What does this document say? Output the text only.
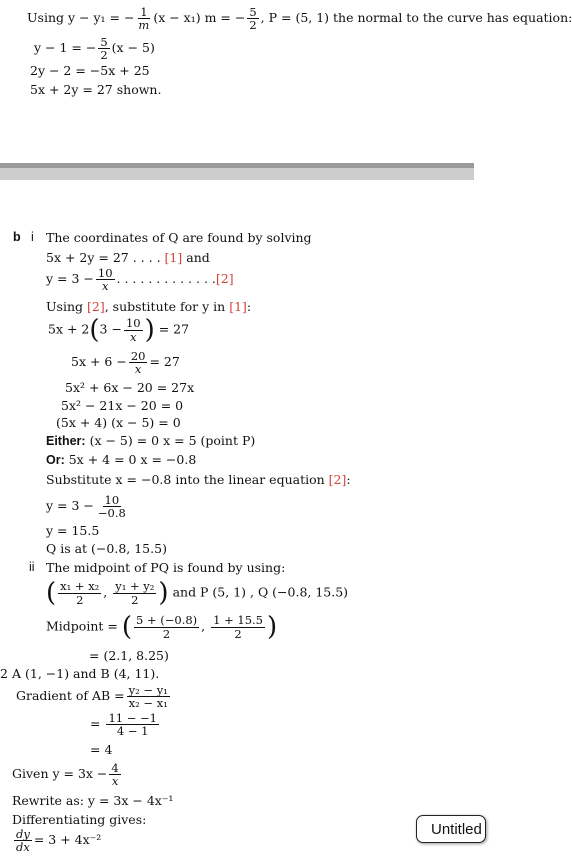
Using y − y₁ = − $\frac{1}{m} (x - x_1) m$ = − $\frac{5}{2}$ , P = (5, 1) the normal to the curve has equation:
y − 1 = − $\frac{5}{2} (x - 5)$
2y − 2 = −5x + 25
5x + 2y = 27 shown.
b i The coordinates of Q are found by solving
5x + 2y = 27 . . . . [1] and
$y = 3 - \frac{10}{x}$ . . . . . . . . . . . . .[2]
Using [2], substitute for y in [1]:
$5x + 2(3 - \frac{10}{x}$ ) = 27
$5x + 6 - \frac{20}{x} = 27$
5x² + 6x − 20 = 27x
5x² − 21x − 20 = 0
(5x + 4) (x − 5) = 0
Either: (x − 5) = 0 x = 5 (point P)
Or: 5x + 4 = 0 x = −0.8
Substitute x = −0.8 into the linear equation [2]:
$y = 3 - \frac{10}{-0.8}$
y = 15.5
Q is at (−0.8, 15.5)
ii The midpoint of PQ is found by using:
( $\frac{\text{x₁ + x₂}}{2}$ , $\frac{\text{y₁ + y₂}}{2}$ ) and P (5, 1) , Q (−0.8, 15.5)
Midpoint = ( $\frac{5 + (-0.8)}{2}$ , $\frac{1 + 15.5}{2}$ )
= (2.1, 8.25)
2 A (1, −1) and B (4, 11).
Gradient of AB = $\frac{\text{y₂ − y₁}}{\text{x₂ − x₁}}$
= $\frac{11 - -1}{4 - 1}$
= 4
Given $y = 3x - \frac{4}{x}$
Rewrite as: y = 3x − 4x⁻¹
Differentiating gives:
$\frac{dy}{dx} = 3 + 4x^{-2}$
Untitled
